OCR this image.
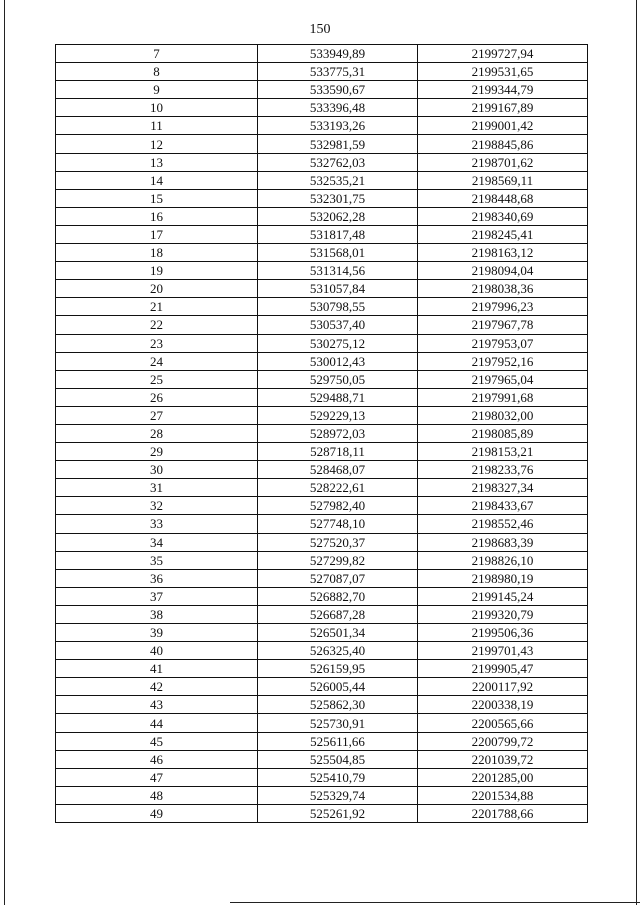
150
7	533949,89	2199727,94
8	533775,31	2199531,65
9	533590,67	2199344,79
10	533396,48	2199167,89
11	533193,26	2199001,42
12	532981,59	2198845,86
13	532762,03	2198701,62
14	532535,21	2198569,11
15	532301,75	2198448,68
16	532062,28	2198340,69
17	531817,48	2198245,41
18	531568,01	2198163,12
19	531314,56	2198094,04
20	531057,84	2198038,36
21	530798,55	2197996,23
22	530537,40	2197967,78
23	530275,12	2197953,07
24	530012,43	2197952,16
25	529750,05	2197965,04
26	529488,71	2197991,68
27	529229,13	2198032,00
28	528972,03	2198085,89
29	528718,11	2198153,21
30	528468,07	2198233,76
31	528222,61	2198327,34
32	527982,40	2198433,67
33	527748,10	2198552,46
34	527520,37	2198683,39
35	527299,82	2198826,10
36	527087,07	2198980,19
37	526882,70	2199145,24
38	526687,28	2199320,79
39	526501,34	2199506,36
40	526325,40	2199701,43
41	526159,95	2199905,47
42	526005,44	2200117,92
43	525862,30	2200338,19
44	525730,91	2200565,66
45	525611,66	2200799,72
46	525504,85	2201039,72
47	525410,79	2201285,00
48	525329,74	2201534,88
49	525261,92	2201788,66
